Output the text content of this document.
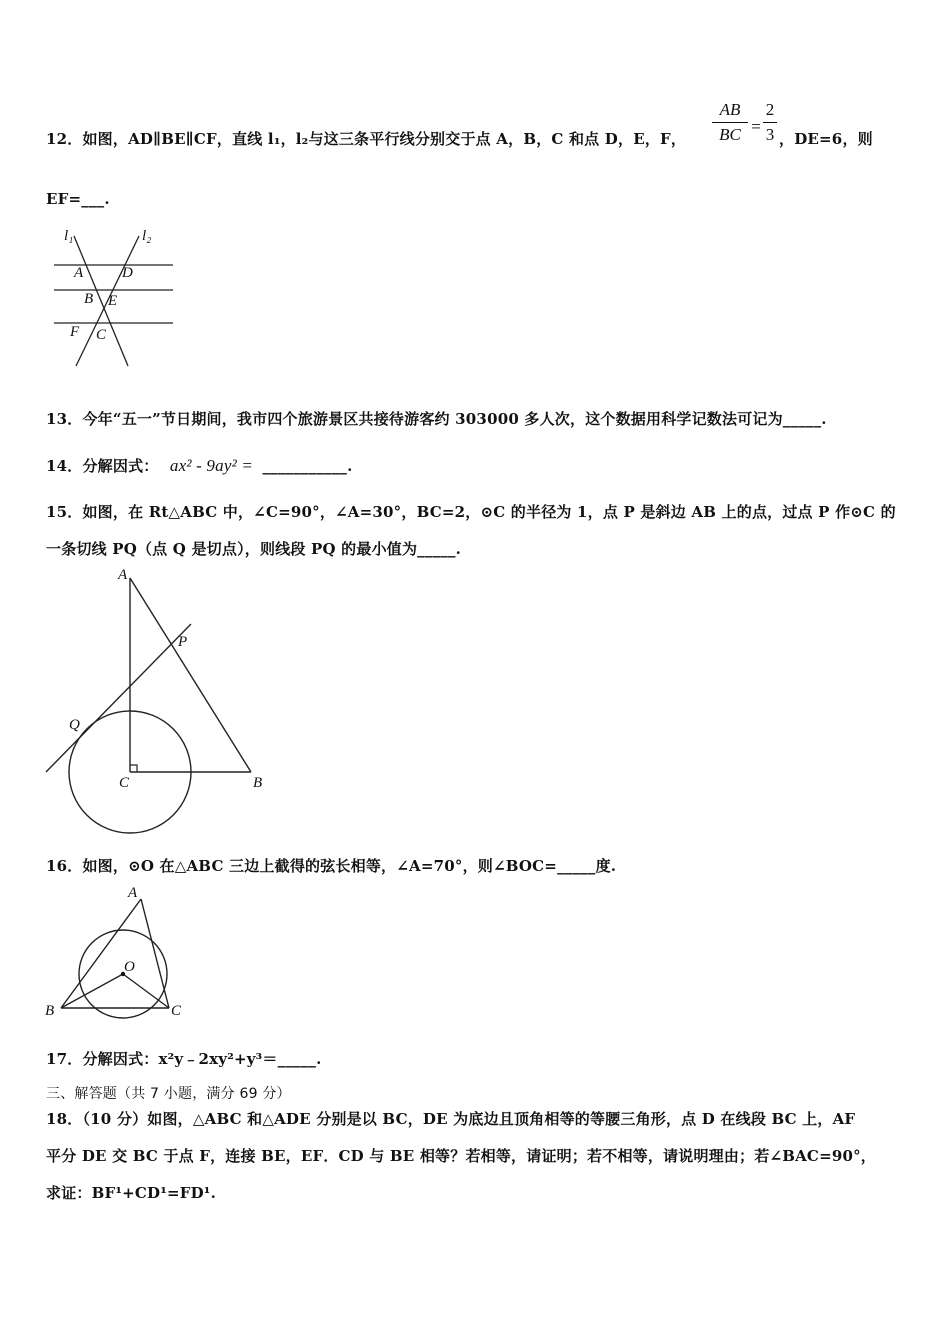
12．如图，AD∥BE∥CF，直线 l₁，l₂与这三条平行线分别交于点 A，B，C 和点 D，E，F，
AB
BC =
2
3 ，DE=6，则
EF=___.
l₁	l₂
A	D
B E
F C
13．今年“五一”节日期间，我市四个旅游景区共接待游客约 303000 多人次，这个数据用科学记数法可记为_____.
14．分解因式： ax² - 9ay² = ___________.
15．如图，在 Rt△ABC 中，∠C=90°，∠A=30°，BC=2，⊙C 的半径为 1，点 P 是斜边 AB 上的点，过点 P 作⊙C 的
一条切线 PQ（点 Q 是切点），则线段 PQ 的最小值为_____.
A
P
Q
C	B
16．如图，⊙O 在△ABC 三边上截得的弦长相等，∠A=70°，则∠BOC=_____度.
A
O
B	C
17．分解因式：x²y﹣2xy²+y³＝_____.
三、解答题（共 7 小题，满分 69 分）
18．（10 分）如图，△ABC 和△ADE 分别是以 BC，DE 为底边且顶角相等的等腰三角形，点 D 在线段 BC 上，AF
平分 DE 交 BC 于点 F，连接 BE，EF．CD 与 BE 相等？若相等，请证明；若不相等，请说明理由；若∠BAC=90°，
求证：BF¹+CD¹=FD¹.
